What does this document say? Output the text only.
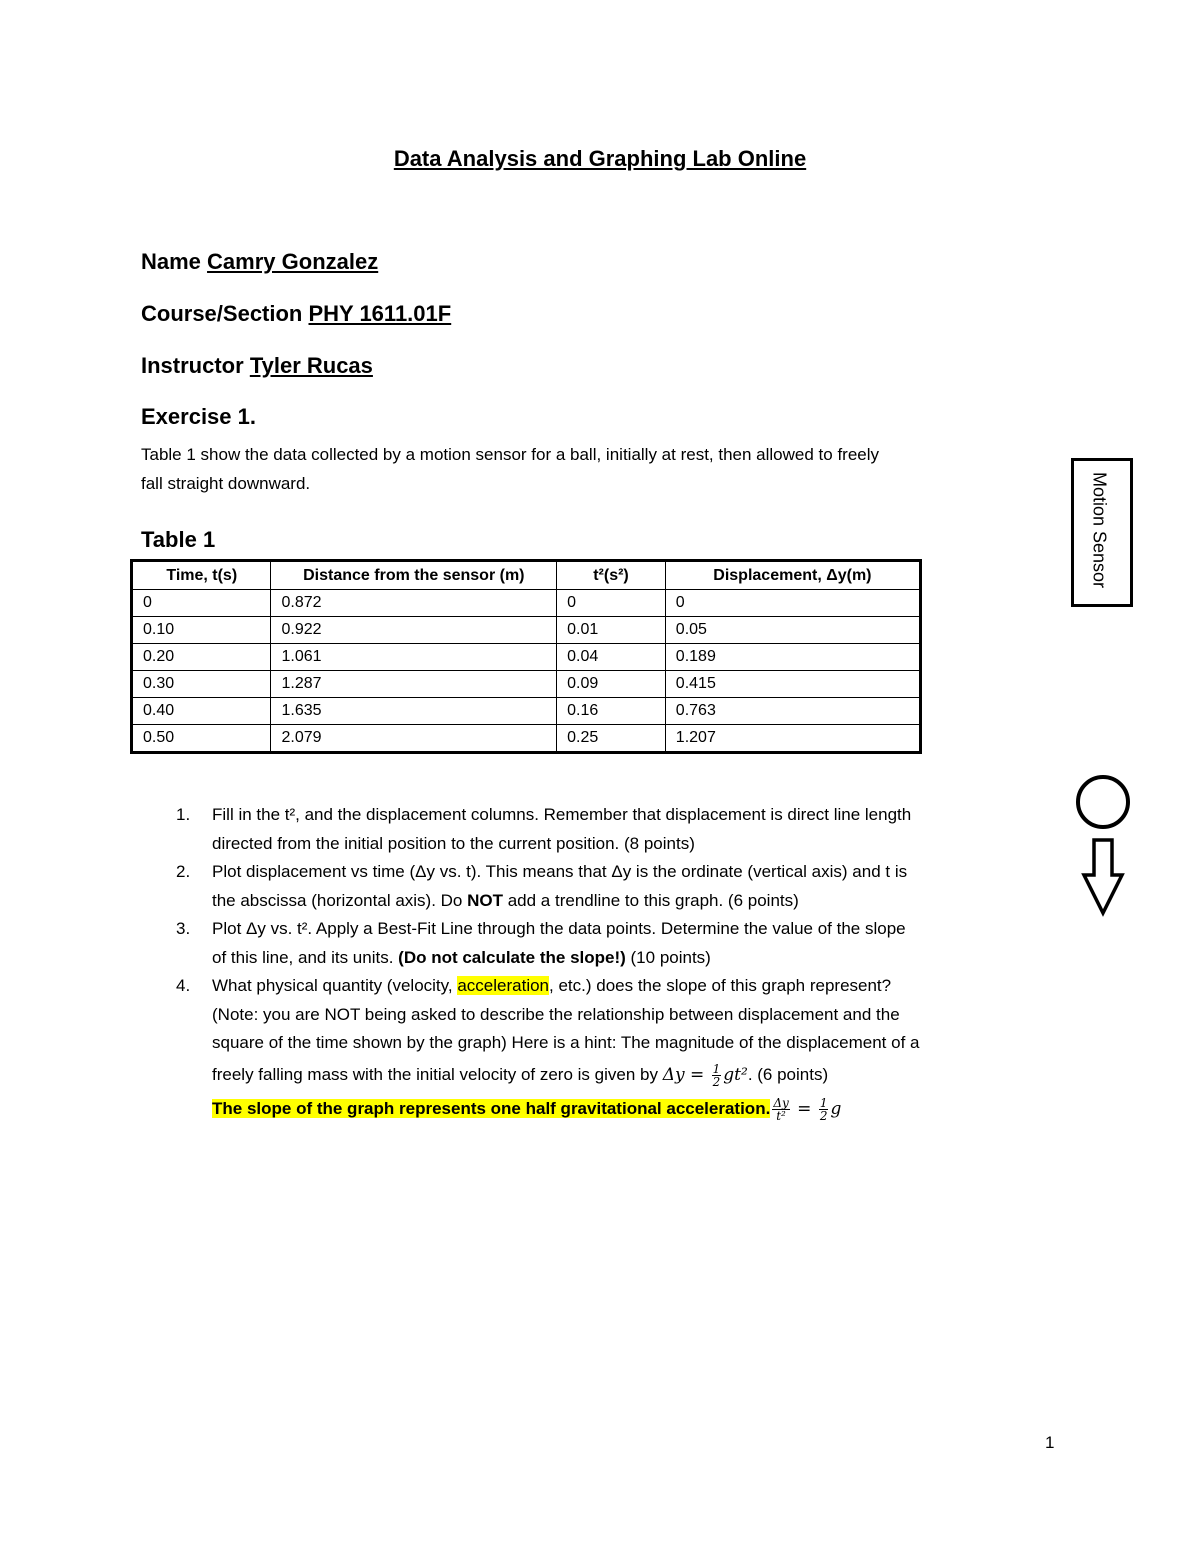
Data Analysis and Graphing Lab Online
Name Camry Gonzalez
Course/Section PHY 1611.01F
Instructor Tyler Rucas
Exercise 1.
Table 1 show the data collected by a motion sensor for a ball, initially at rest, then allowed to freely
fall straight downward.
Table 1
Time, t(s)	Distance from the sensor (m)	t²(s²)	Displacement, Δy(m)
0	0.872	0	0
0.10	0.922	0.01	0.05
0.20	1.061	0.04	0.189
0.30	1.287	0.09	0.415
0.40	1.635	0.16	0.763
0.50	2.079	0.25	1.207
1. Fill in the t², and the displacement columns. Remember that displacement is direct line length
directed from the initial position to the current position. (8 points)
2. Plot displacement vs time (Δy vs. t). This means that Δy is the ordinate (vertical axis) and t is
the abscissa (horizontal axis). Do NOT add a trendline to this graph. (6 points)
3. Plot Δy vs. t². Apply a Best-Fit Line through the data points. Determine the value of the slope
of this line, and its units. (Do not calculate the slope!) (10 points)
4. What physical quantity (velocity, acceleration, etc.) does the slope of this graph represent?
(Note: you are NOT being asked to describe the relationship between displacement and the
square of the time shown by the graph) Here is a hint: The magnitude of the displacement of a
freely falling mass with the initial velocity of zero is given by $\Delta y = \frac{1}{2} gt^2$. (6 points)
The slope of the graph represents one half gravitational acceleration. $\frac{\Delta y}{\text{t²}} = \frac{1}{2}$ g
Motion Sensor
1
